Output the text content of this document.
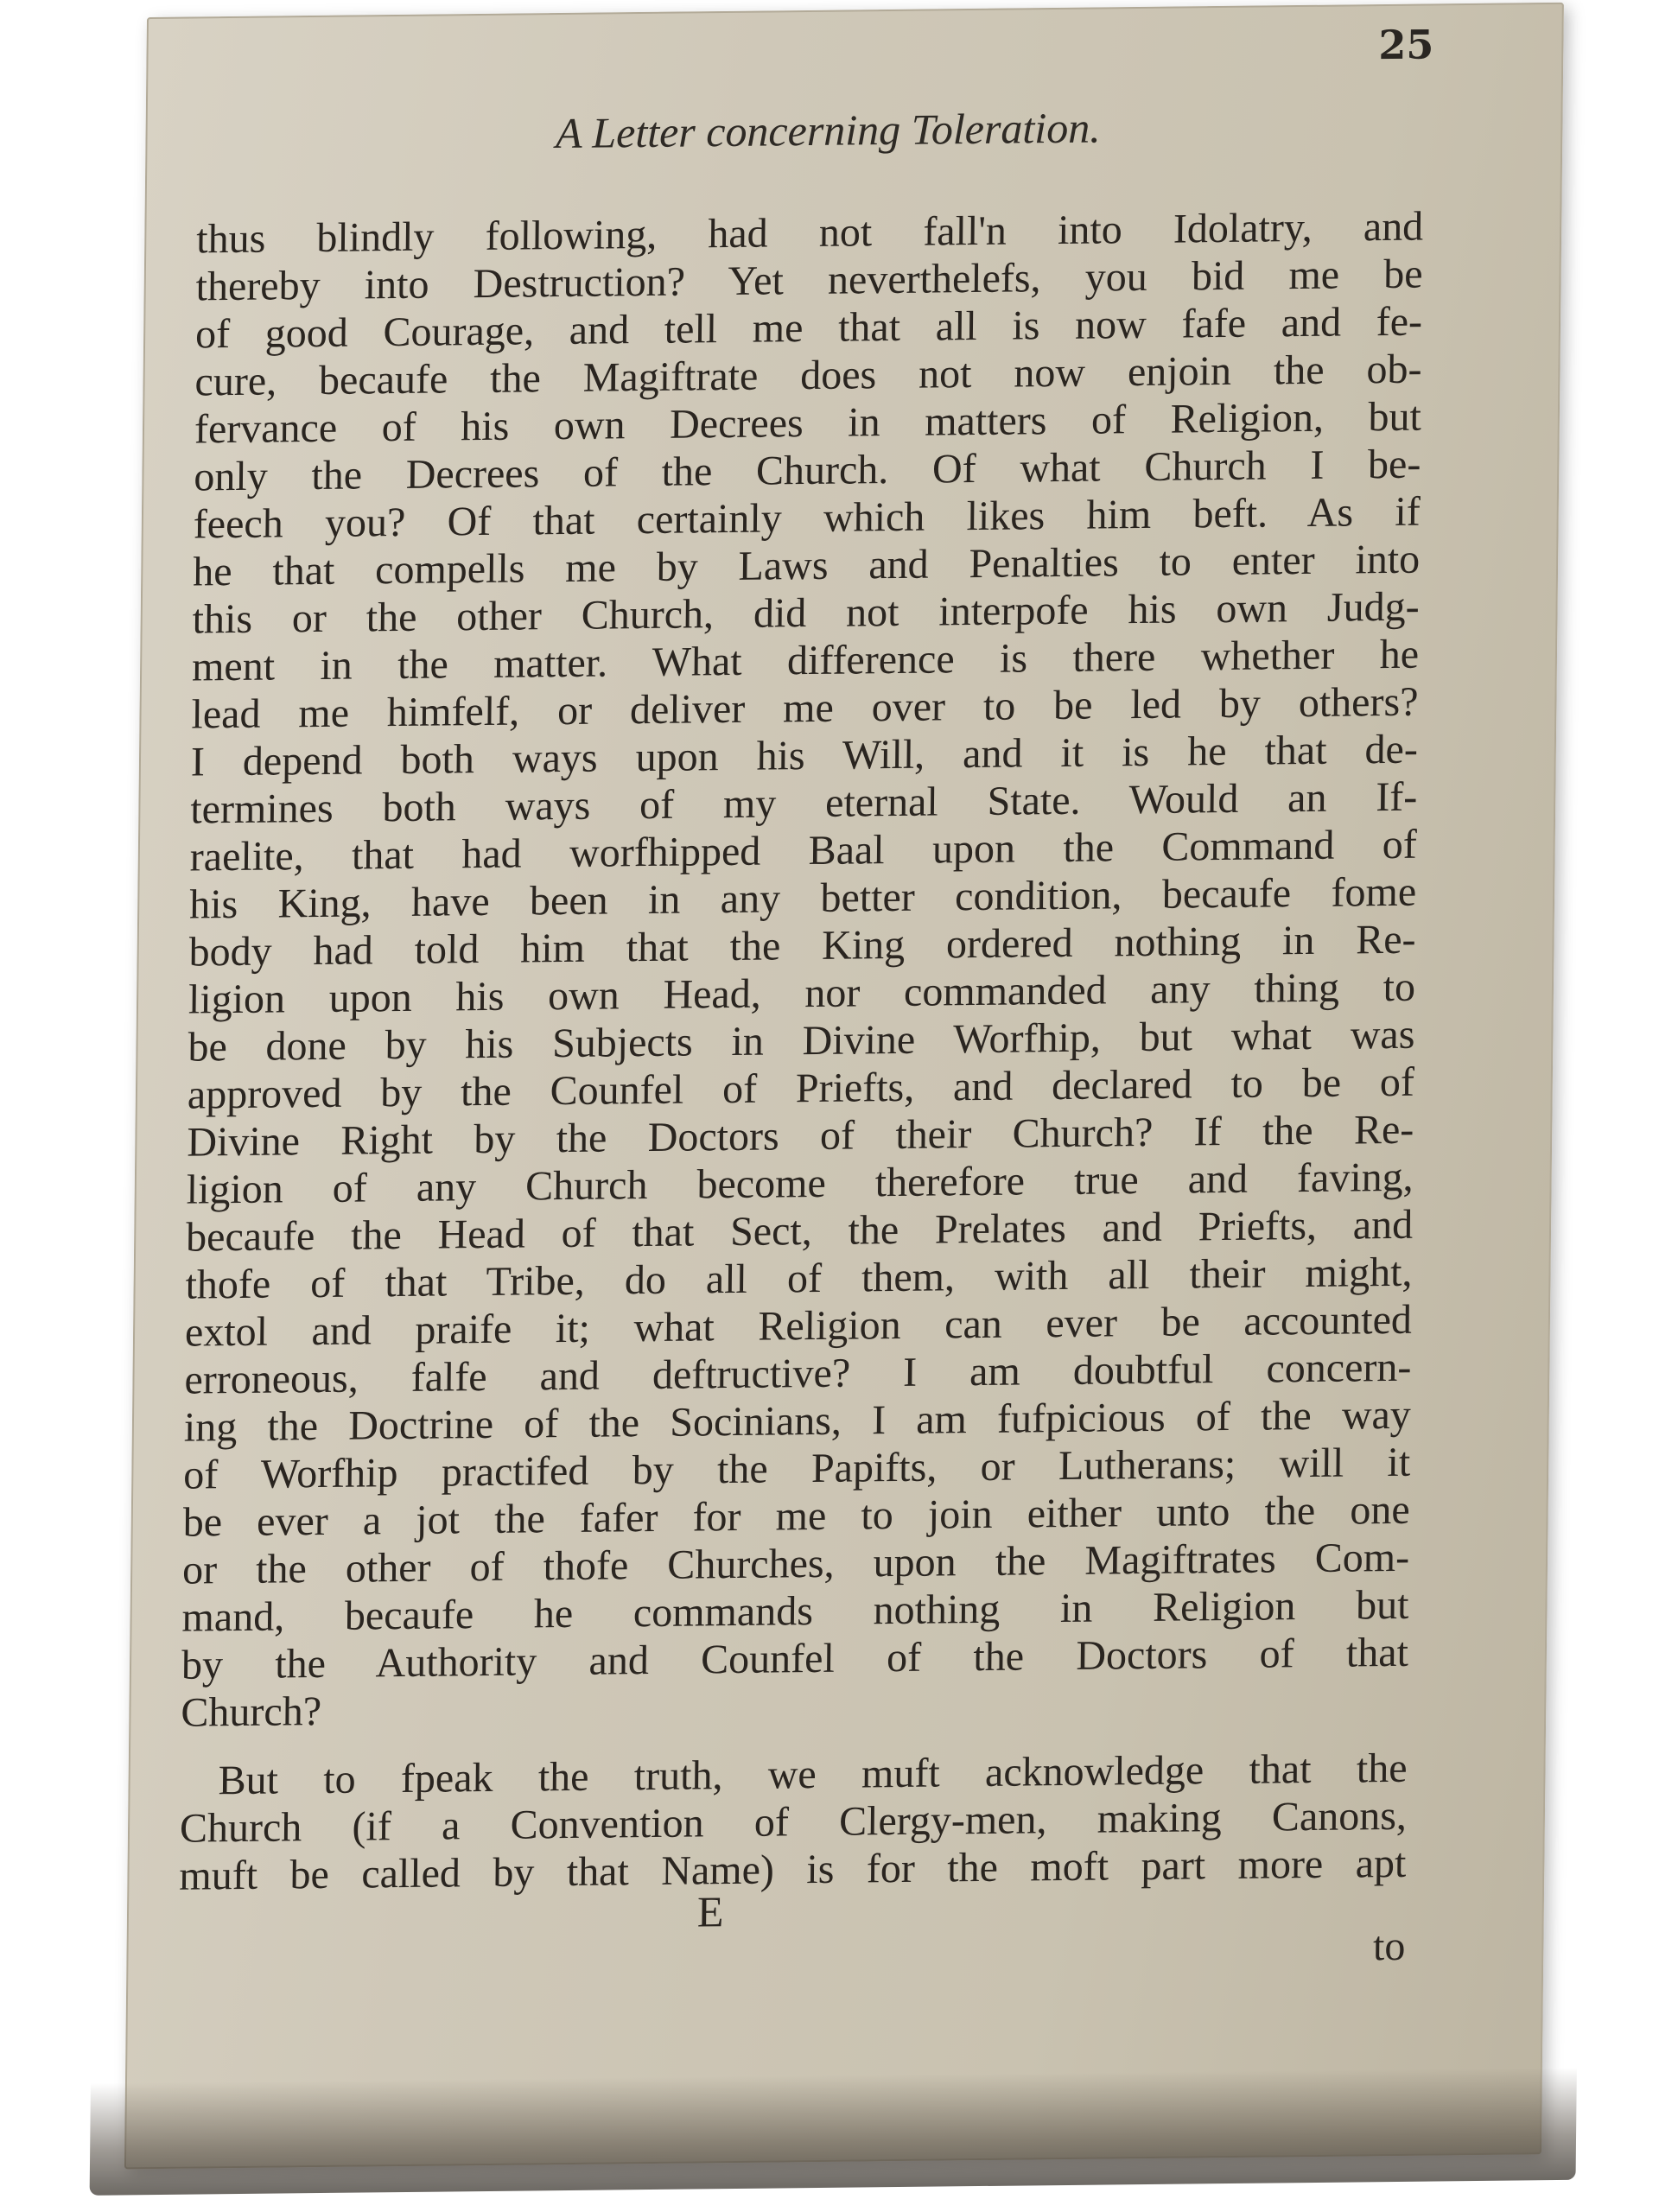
25
A Letter concerning Toleration.
thus blindly following, had not fall'n into Idolatry, and
thereby into Destruction? Yet neverthelefs, you bid me be
of good Courage, and tell me that all is now fafe and fe-
cure, becaufe the Magiftrate does not now enjoin the ob-
fervance of his own Decrees in matters of Religion, but
only the Decrees of the Church. Of what Church I be-
feech you? Of that certainly which likes him beft. As if
he that compells me by Laws and Penalties to enter into
this or the other Church, did not interpofe his own Judg-
ment in the matter. What difference is there whether he
lead me himfelf, or deliver me over to be led by others?
I depend both ways upon his Will, and it is he that de-
termines both ways of my eternal State. Would an If-
raelite, that had worfhipped Baal upon the Command of
his King, have been in any better condition, becaufe fome
body had told him that the King ordered nothing in Re-
ligion upon his own Head, nor commanded any thing to
be done by his Subjects in Divine Worfhip, but what was
approved by the Counfel of Priefts, and declared to be of
Divine Right by the Doctors of their Church? If the Re-
ligion of any Church become therefore true and faving,
becaufe the Head of that Sect, the Prelates and Priefts, and
thofe of that Tribe, do all of them, with all their might,
extol and praife it; what Religion can ever be accounted
erroneous, falfe and deftructive? I am doubtful concern-
ing the Doctrine of the Socinians, I am fufpicious of the way
of Worfhip practifed by the Papifts, or Lutherans; will it
be ever a jot the fafer for me to join either unto the one
or the other of thofe Churches, upon the Magiftrates Com-
mand, becaufe he commands nothing in Religion but
by the Authority and Counfel of the Doctors of that
Church?
But to fpeak the truth, we muft acknowledge that the
Church (if a Convention of Clergy-men, making Canons,
muft be called by that Name) is for the moft part more apt
E
to
